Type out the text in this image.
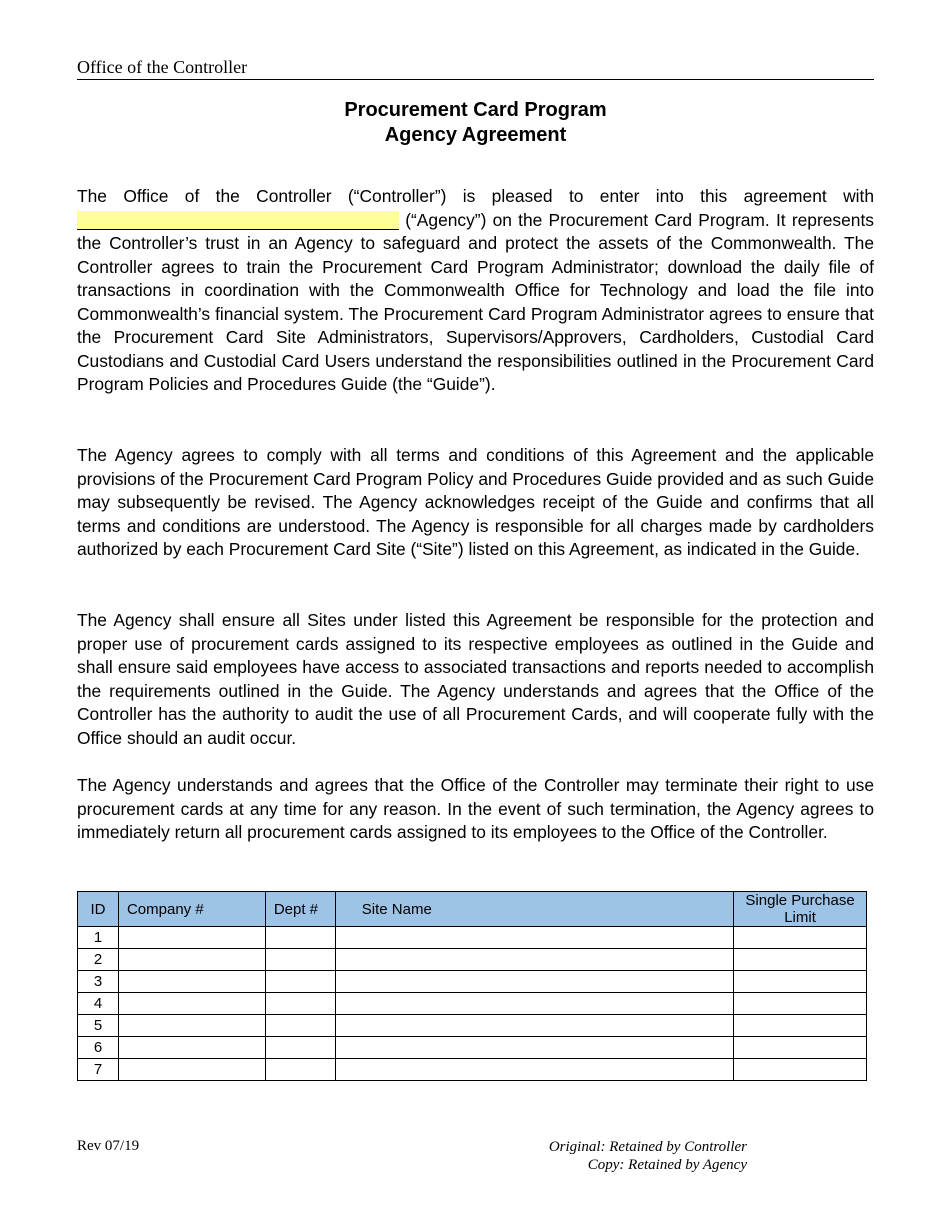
Office of the Controller
Procurement Card Program
Agency Agreement
The Office of the Controller (“Controller”) is pleased to enter into this agreement with
(“Agency”) on the Procurement Card Program. It represents the Controller’s trust in an Agency to safeguard and protect the assets of the Commonwealth. The Controller agrees to train the Procurement Card Program Administrator; download the daily file of transactions in coordination with the Commonwealth Office for Technology and load the file into Commonwealth’s financial system. The Procurement Card Program Administrator agrees to ensure that the Procurement Card Site Administrators, Supervisors/Approvers, Cardholders, Custodial Card Custodians and Custodial Card Users understand the responsibilities outlined in the Procurement Card Program Policies and Procedures Guide (the “Guide”).

The Agency agrees to comply with all terms and conditions of this Agreement and the applicable provisions of the Procurement Card Program Policy and Procedures Guide provided and as such Guide may subsequently be revised. The Agency acknowledges receipt of the Guide and confirms that all terms and conditions are understood. The Agency is responsible for all charges made by cardholders authorized by each Procurement Card Site (“Site”) listed on this Agreement, as indicated in the Guide.

The Agency shall ensure all Sites under listed this Agreement be responsible for the protection and proper use of procurement cards assigned to its respective employees as outlined in the Guide and shall ensure said employees have access to associated transactions and reports needed to accomplish the requirements outlined in the Guide. The Agency understands and agrees that the Office of the Controller has the authority to audit the use of all Procurement Cards, and will cooperate fully with the Office should an audit occur.

The Agency understands and agrees that the Office of the Controller may terminate their right to use procurement cards at any time for any reason. In the event of such termination, the Agency agrees to immediately return all procurement cards assigned to its employees to the Office of the Controller.

ID	Company #	Dept #	Site Name	Single Purchase Limit
1				
2				
3				
4				
5				
6				
7				
Rev 07/19	Original: Retained by Controller
Copy: Retained by Agency
